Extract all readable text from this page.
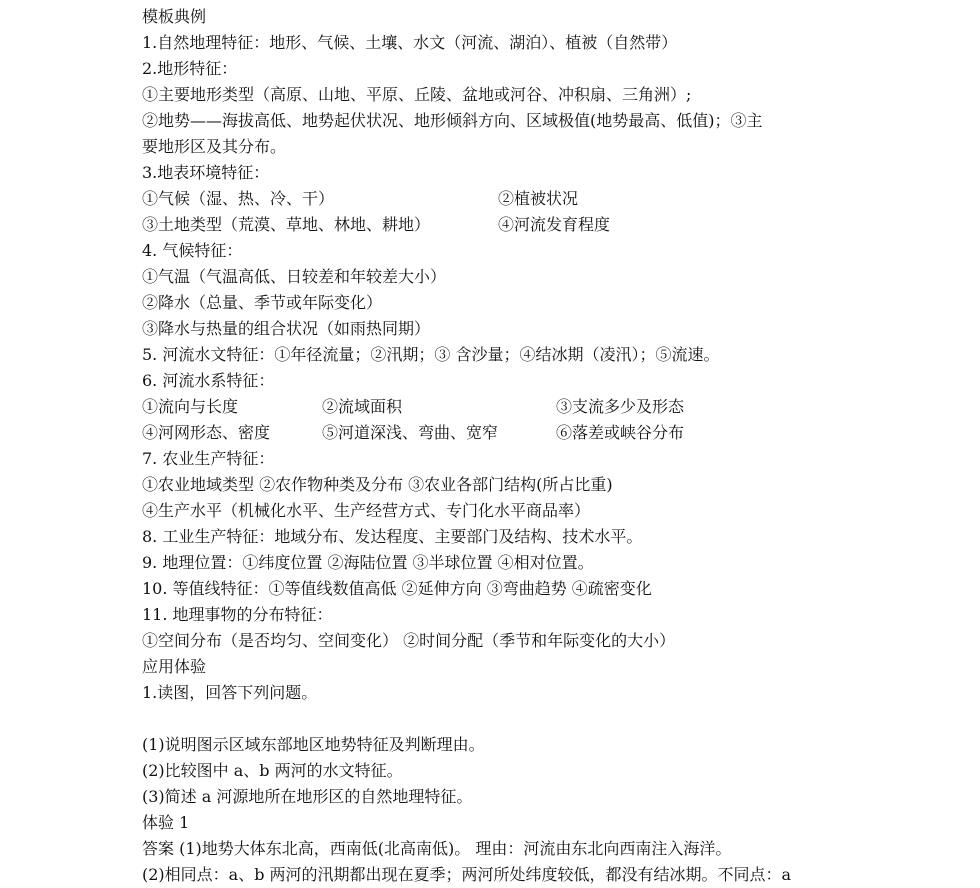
模板典例
1.自然地理特征：地形、气候、土壤、水文（河流、湖泊）、植被（自然带）
2.地形特征：
①主要地形类型（高原、山地、平原、丘陵、盆地或河谷、冲积扇、三角洲）;
②地势——海拔高低、地势起伏状况、地形倾斜方向、区域极值(地势最高、低值)；③主
要地形区及其分布。
3.地表环境特征：
①气候（湿、热、冷、干）	②植被状况
③土地类型（荒漠、草地、林地、耕地）	④河流发育程度
4. 气候特征：
①气温（气温高低、日较差和年较差大小）
②降水（总量、季节或年际变化）
③降水与热量的组合状况（如雨热同期）
5. 河流水文特征：①年径流量；②汛期；③ 含沙量；④结冰期（凌汛）；⑤流速。
6. 河流水系特征：
①流向与长度	②流域面积	③支流多少及形态
④河网形态、密度	⑤河道深浅、弯曲、宽窄	⑥落差或峡谷分布
7. 农业生产特征：
①农业地域类型 ②农作物种类及分布 ③农业各部门结构(所占比重)
④生产水平（机械化水平、生产经营方式、专门化水平商品率）
8. 工业生产特征：地域分布、发达程度、主要部门及结构、技术水平。
9. 地理位置：①纬度位置 ②海陆位置 ③半球位置 ④相对位置。
10. 等值线特征：①等值线数值高低 ②延伸方向 ③弯曲趋势 ④疏密变化
11. 地理事物的分布特征：
①空间分布（是否均匀、空间变化） ②时间分配（季节和年际变化的大小）
应用体验
1.读图，回答下列问题。
(1)说明图示区域东部地区地势特征及判断理由。
(2)比较图中 a、b 两河的水文特征。
(3)简述 a 河源地所在地形区的自然地理特征。
体验 1
答案 (1)地势大体东北高，西南低(北高南低)。 理由：河流由东北向西南注入海洋。
(2)相同点：a、b 两河的汛期都出现在夏季；两河所处纬度较低，都没有结冰期。不同点：a
